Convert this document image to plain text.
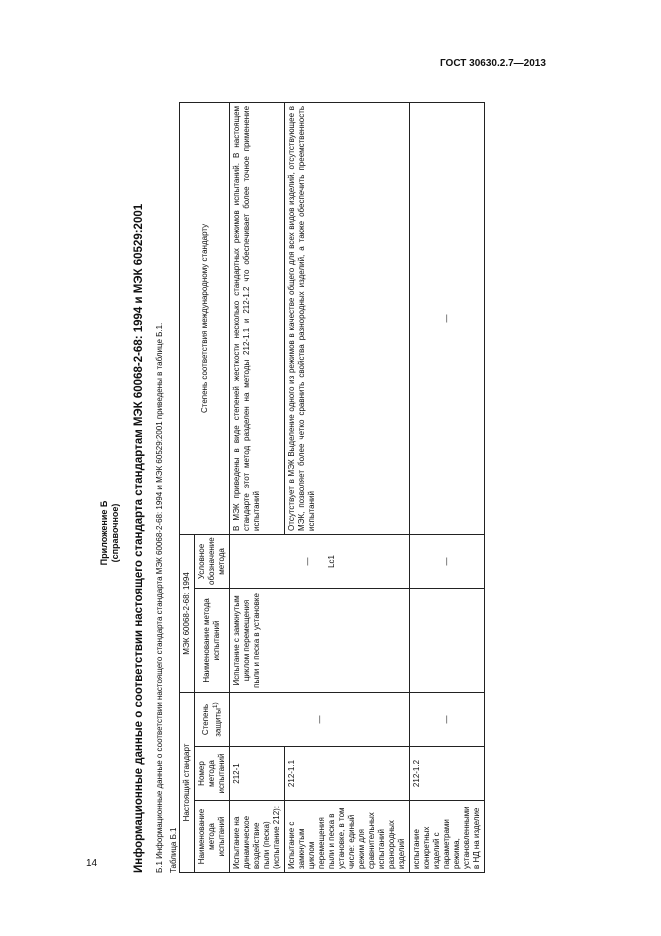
ГОСТ 30630.2.7—2013
14
Приложение Б (справочное) Информационные данные о соответствии настоящего стандарта стандартам МЭК 60068-2-68: 1994 и МЭК 60529:2001 Б.1 Информационные данные о соответствии настоящего стандарта стандарта МЭК 60068-2-68: 1994 и МЭК 60529:2001 приведены в таблице Б.1. Таблица Б.1
Настоящий стандарт			МЭК 60068-2-68: 1994		Степень соответствия международному стандарту
Наименование метода испытаний	Номер метода испытаний	Степень защиты$^{1)}$	Наименование метода испытаний	Условное обозначение метода	
Испытание на динамическое воздействие пыли (песка) (испытание 212):	212-1	—	Испытание с замкнутым циклом перемещения пыли и песка в установке	— Lc1	В МЭК приведены в виде степеней жесткости несколько стандартных режимов испытаний. В настоящем стандарте этот метод разделен на методы 212-1.1 и 212-1.2 что обеспечивает более точное применение испытаний
Испытание с замкнутым циклом перемещения пыли и песка в установке, в том числе: единый режим для сравнительных испытаний разнородных изделий	212-1.1				Отсутствует в МЭК Выделение одного из режимов в качестве общего для всех видов изделий, отсутствующее в МЭК, позволяет более четко сравнить свойства разнородных изделий, а также обеспечить преемственность испытаний
испытание конкретных изделий с параметрами режима, установленными в НД на изделие	212-1.2	—		—	—
